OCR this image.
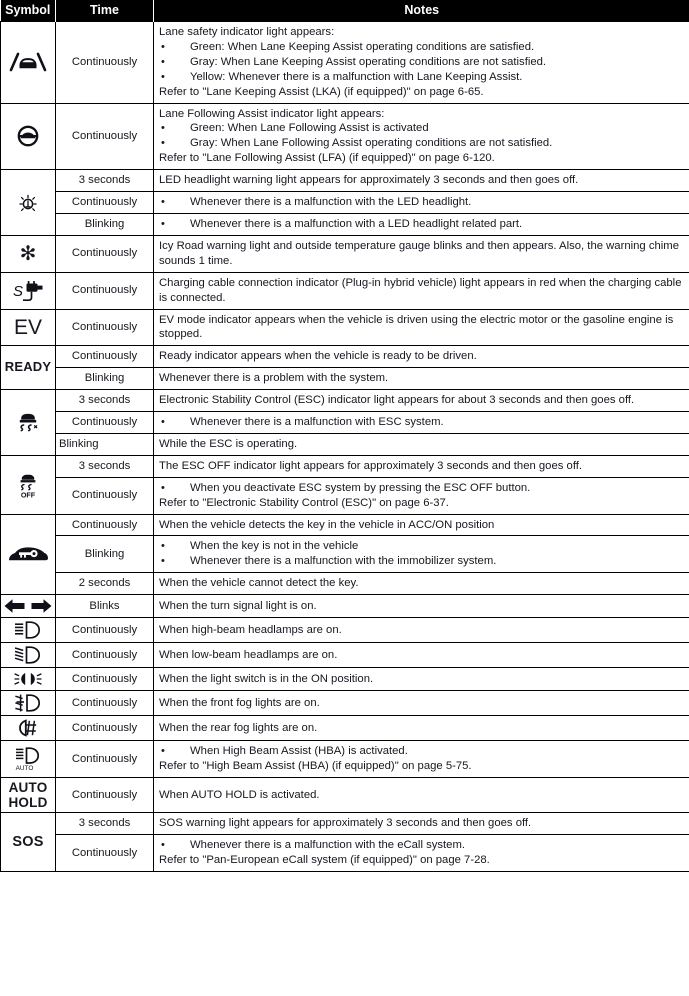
Symbol	Time	Notes

	Continuously	Lane safety indicator light appears:
• Green: When Lane Keeping Assist operating conditions are satisfied.
• Gray: When Lane Keeping Assist operating conditions are not satisfied.
• Yellow: Whenever there is a malfunction with Lane Keeping Assist.
Refer to "Lane Keeping Assist (LKA) (if equipped)" on page 6-65.

	Continuously	Lane Following Assist indicator light appears:
• Green: When Lane Following Assist is activated
• Gray: When Lane Following Assist operating conditions are not satisfied.
Refer to "Lane Following Assist (LFA) (if equipped)" on page 6-120.

	3 seconds	LED headlight warning light appears for approximately 3 seconds and then goes off.

	Continuously	• Whenever there is a malfunction with the LED headlight.

	Blinking	• Whenever there is a malfunction with a LED headlight related part.

✻	Continuously	Icy Road warning light and outside temperature gauge blinks and then appears. Also, the warning chime sounds 1 time.

S	Continuously	Charging cable connection indicator (Plug-in hybrid vehicle) light appears in red when the charging cable is connected.

EV	Continuously	EV mode indicator appears when the vehicle is driven using the electric motor or the gasoline engine is stopped.

READY	Continuously	Ready indicator appears when the vehicle is ready to be driven.

	Blinking	Whenever there is a problem with the system.

	3 seconds	Electronic Stability Control (ESC) indicator light appears for about 3 seconds and then goes off.

	Continuously	• Whenever there is a malfunction with ESC system.

	Blinking	While the ESC is operating.

OFF	3 seconds	The ESC OFF indicator light appears for approximately 3 seconds and then goes off.

	Continuously	• When you deactivate ESC system by pressing the ESC OFF button.
Refer to "Electronic Stability Control (ESC)" on page 6-37.

	Continuously	When the vehicle detects the key in the vehicle in ACC/ON position

	Blinking	• When the key is not in the vehicle
• Whenever there is a malfunction with the immobilizer system.

	2 seconds	When the vehicle cannot detect the key.

	Blinks	When the turn signal light is on.

	Continuously	When high-beam headlamps are on.

	Continuously	When low-beam headlamps are on.

	Continuously	When the light switch is in the ON position.

	Continuously	When the front fog lights are on.

	Continuously	When the rear fog lights are on.

AUTO	Continuously	• When High Beam Assist (HBA) is activated.
Refer to "High Beam Assist (HBA) (if equipped)" on page 5-75.

AUTO
HOLD	Continuously	When AUTO HOLD is activated.

SOS	3 seconds	SOS warning light appears for approximately 3 seconds and then goes off.

	Continuously	• Whenever there is a malfunction with the eCall system.
Refer to "Pan-European eCall system (if equipped)" on page 7-28.
